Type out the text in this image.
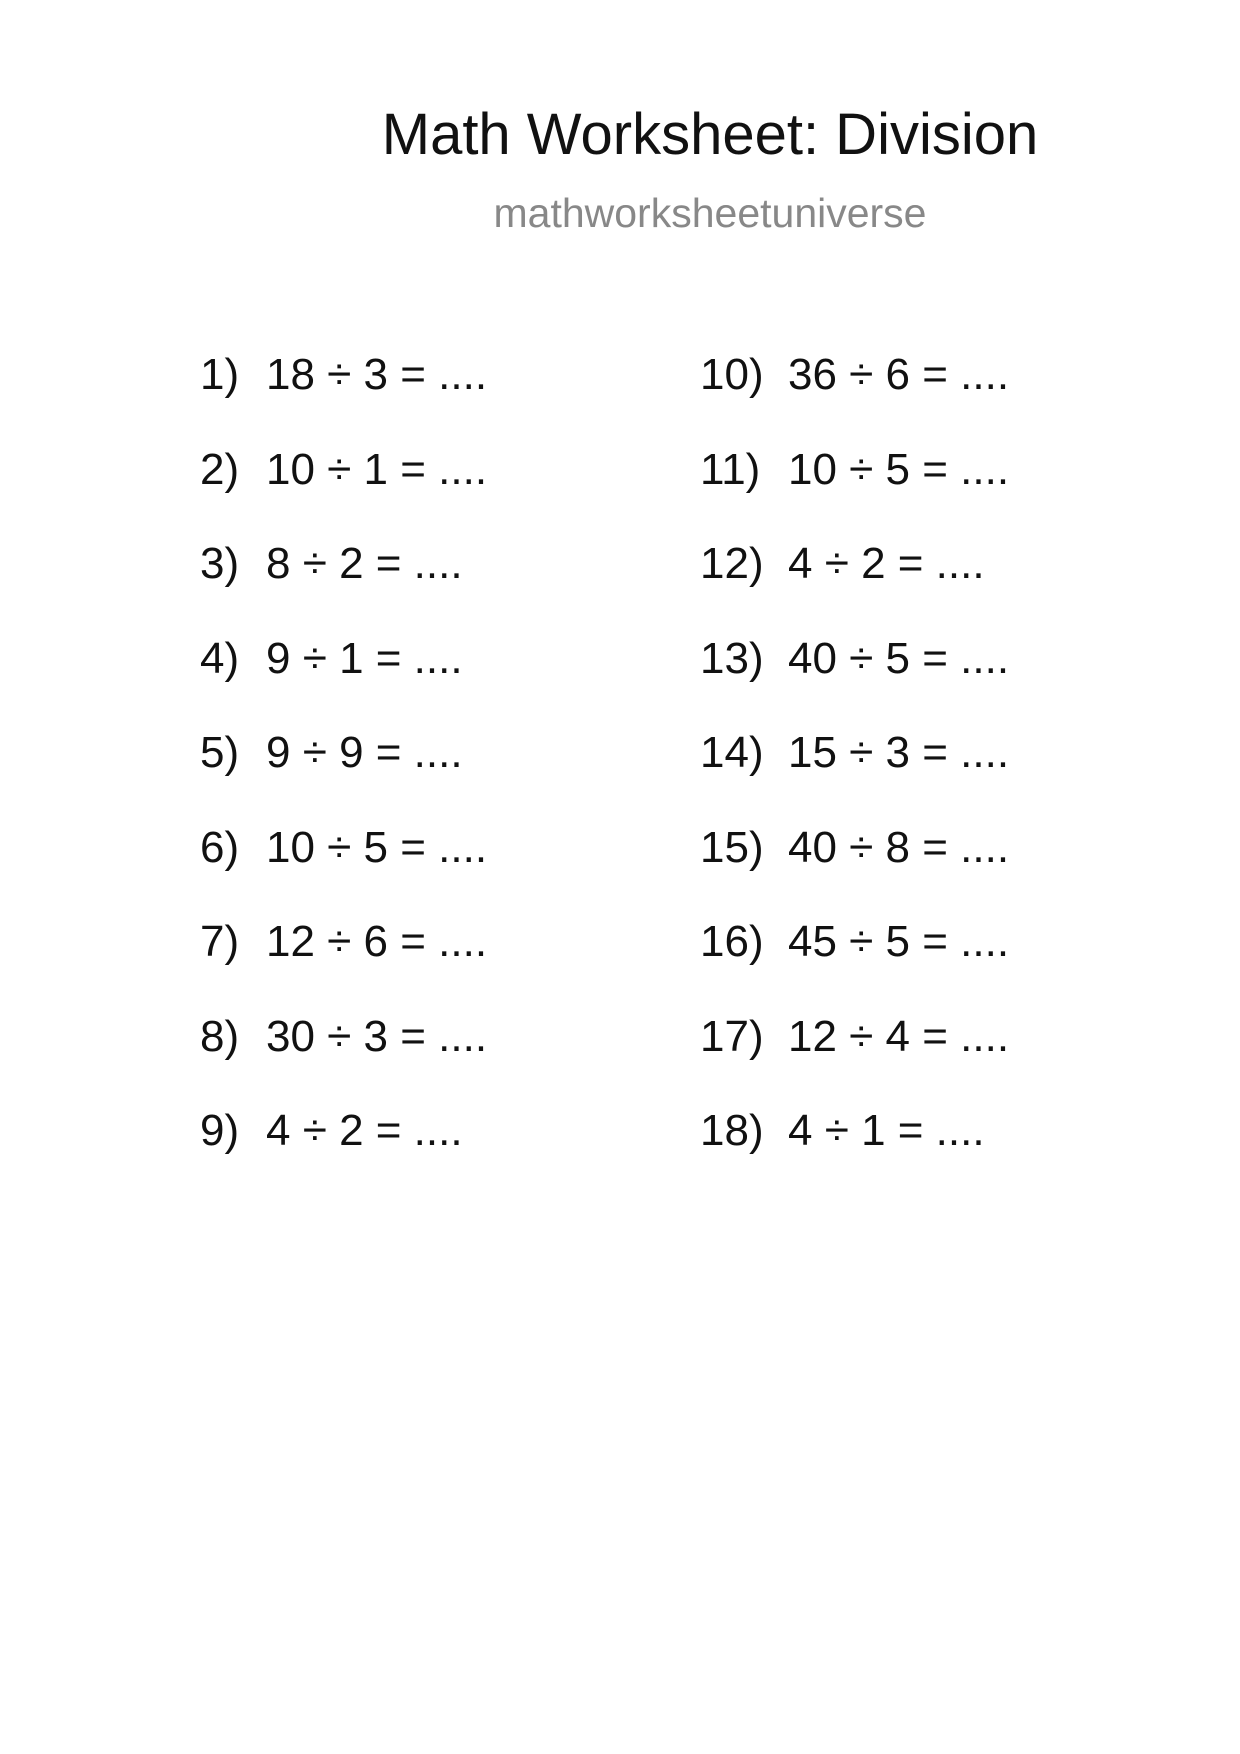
Math Worksheet: Division
mathworksheetuniverse
1) 18 ÷ 3 = ....
2) 10 ÷ 1 = ....
3) 8 ÷ 2 = ....
4) 9 ÷ 1 = ....
5) 9 ÷ 9 = ....
6) 10 ÷ 5 = ....
7) 12 ÷ 6 = ....
8) 30 ÷ 3 = ....
9) 4 ÷ 2 = ....
10) 36 ÷ 6 = ....
11) 10 ÷ 5 = ....
12) 4 ÷ 2 = ....
13) 40 ÷ 5 = ....
14) 15 ÷ 3 = ....
15) 40 ÷ 8 = ....
16) 45 ÷ 5 = ....
17) 12 ÷ 4 = ....
18) 4 ÷ 1 = ....
